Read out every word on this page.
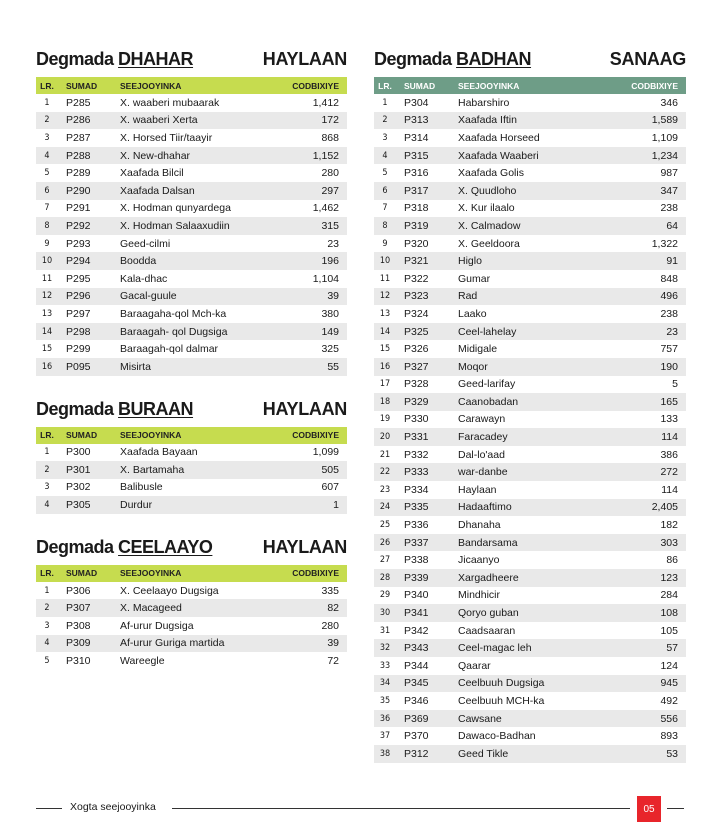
Degmada DHAHAR	HAYLAAN
LR.	SUMAD	SEEJOOYINKA	CODBIXIYE
1	P285	X. waaberi mubaarak	1,412
2	P286	X. waaberi Xerta	172
3	P287	X. Horsed Tiir/taayir	868
4	P288	X. New-dhahar	1,152
5	P289	Xaafada Bilcil	280
6	P290	Xaafada Dalsan	297
7	P291	X. Hodman qunyardega	1,462
8	P292	X. Hodman Salaaxudiin	315
9	P293	Geed-cilmi	23
10	P294	Boodda	196
11	P295	Kala-dhac	1,104
12	P296	Gacal-guule	39
13	P297	Baraagaha-qol Mch-ka	380
14	P298	Baraagah- qol Dugsiga	149
15	P299	Baraagah-qol dalmar	325
16	P095	Misirta	55
Degmada BURAAN	HAYLAAN
LR.	SUMAD	SEEJOOYINKA	CODBIXIYE
1	P300	Xaafada Bayaan	1,099
2	P301	X. Bartamaha	505
3	P302	Balibusle	607
4	P305	Durdur	1
Degmada CEELAAYO	HAYLAAN
LR.	SUMAD	SEEJOOYINKA	CODBIXIYE
1	P306	X. Ceelaayo Dugsiga	335
2	P307	X. Macageed	82
3	P308	Af-urur Dugsiga	280
4	P309	Af-urur Guriga martida	39
5	P310	Wareegle	72
Degmada BADHAN	SANAAG
LR.	SUMAD	SEEJOOYINKA	CODBIXIYE
1	P304	Habarshiro	346
2	P313	Xaafada Iftin	1,589
3	P314	Xaafada Horseed	1,109
4	P315	Xaafada Waaberi	1,234
5	P316	Xaafada Golis	987
6	P317	X. Quudloho	347
7	P318	X. Kur ilaalo	238
8	P319	X. Calmadow	64
9	P320	X. Geeldoora	1,322
10	P321	Higlo	91
11	P322	Gumar	848
12	P323	Rad	496
13	P324	Laako	238
14	P325	Ceel-lahelay	23
15	P326	Midigale	757
16	P327	Moqor	190
17	P328	Geed-larifay	5
18	P329	Caanobadan	165
19	P330	Carawayn	133
20	P331	Faracadey	114
21	P332	Dal-lo'aad	386
22	P333	war-danbe	272
23	P334	Haylaan	114
24	P335	Hadaaftimo	2,405
25	P336	Dhanaha	182
26	P337	Bandarsama	303
27	P338	Jicaanyo	86
28	P339	Xargadheere	123
29	P340	Mindhicir	284
30	P341	Qoryo guban	108
31	P342	Caadsaaran	105
32	P343	Ceel-magac leh	57
33	P344	Qaarar	124
34	P345	Ceelbuuh Dugsiga	945
35	P346	Ceelbuuh MCH-ka	492
36	P369	Cawsane	556
37	P370	Dawaco-Badhan	893
38	P312	Geed Tikle	53
Xogta seejooyinka	05
